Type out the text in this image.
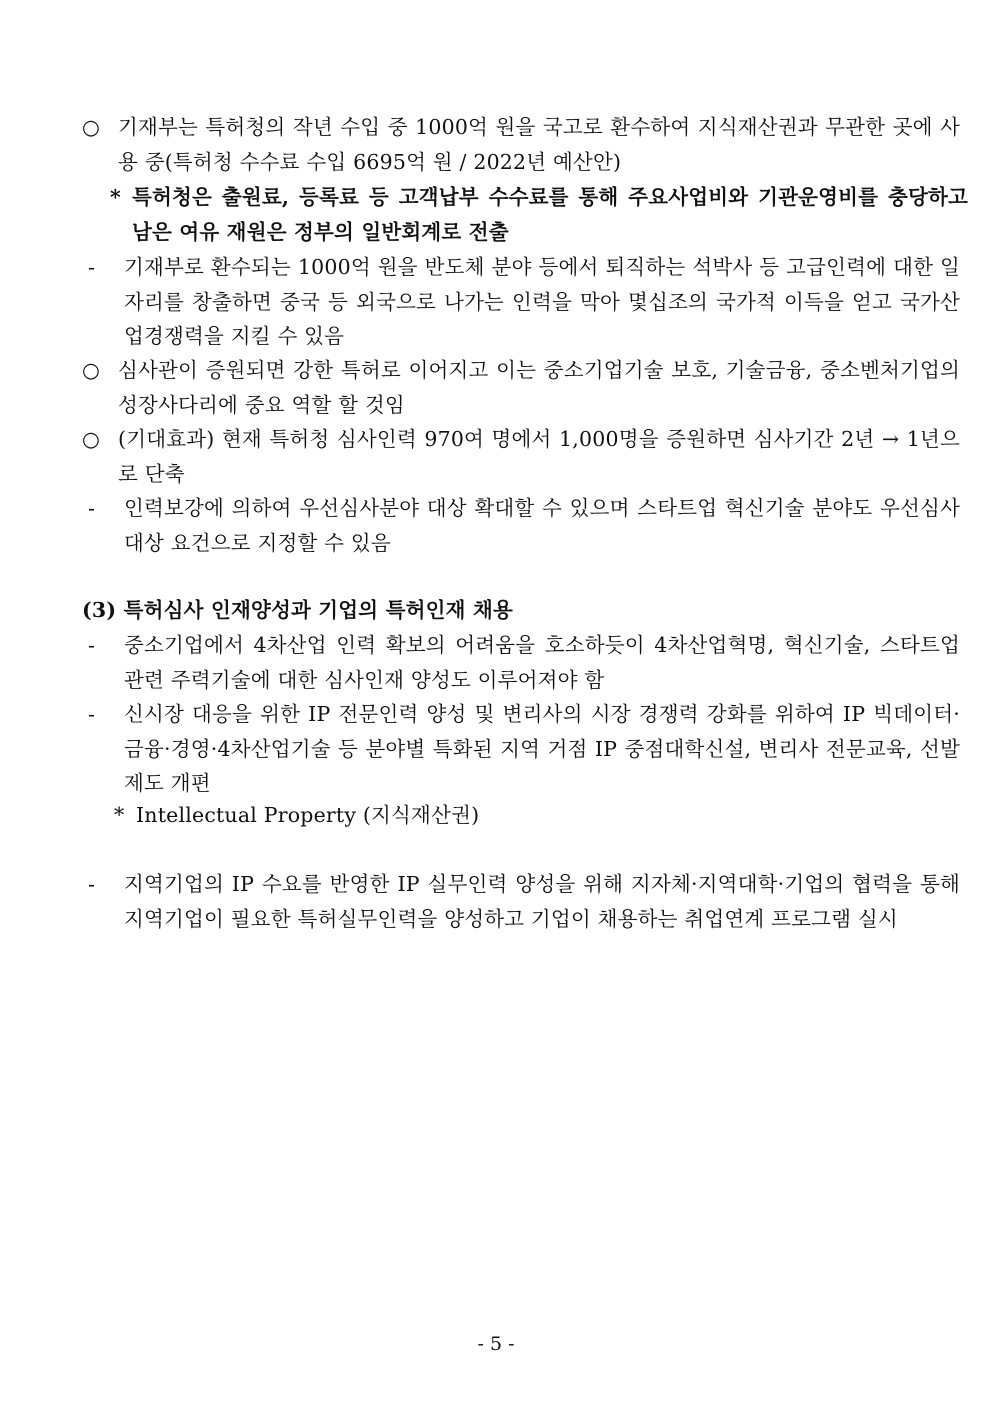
○ 기재부는 특허청의 작년 수입 중 1000억 원을 국고로 환수하여 지식재산권과 무관한 곳에 사용 중(특허청 수수료 수입 6695억 원 / 2022년 예산안)
* 특허청은 출원료, 등록료 등 고객납부 수수료를 통해 주요사업비와 기관운영비를 충당하고 남은 여유 재원은 정부의 일반회계로 전출
- 기재부로 환수되는 1000억 원을 반도체 분야 등에서 퇴직하는 석박사 등 고급인력에 대한 일자리를 창출하면 중국 등 외국으로 나가는 인력을 막아 몇십조의 국가적 이득을 얻고 국가산업경쟁력을 지킬 수 있음
○ 심사관이 증원되면 강한 특허로 이어지고 이는 중소기업기술 보호, 기술금융, 중소벤처기업의 성장사다리에 중요 역할 할 것임
○ (기대효과) 현재 특허청 심사인력 970여 명에서 1,000명을 증원하면 심사기간 2년 → 1년으로 단축
- 인력보강에 의하여 우선심사분야 대상 확대할 수 있으며 스타트업 혁신기술 분야도 우선심사 대상 요건으로 지정할 수 있음
(3) 특허심사 인재양성과 기업의 특허인재 채용
- 중소기업에서 4차산업 인력 확보의 어려움을 호소하듯이 4차산업혁명, 혁신기술, 스타트업 관련 주력기술에 대한 심사인재 양성도 이루어져야 함
- 신시장 대응을 위한 IP 전문인력 양성 및 변리사의 시장 경쟁력 강화를 위하여 IP 빅데이터·금융·경영·4차산업기술 등 분야별 특화된 지역 거점 IP 중점대학신설, 변리사 전문교육, 선발제도 개편
* Intellectual Property (지식재산권)
- 지역기업의 IP 수요를 반영한 IP 실무인력 양성을 위해 지자체·지역대학·기업의 협력을 통해 지역기업이 필요한 특허실무인력을 양성하고 기업이 채용하는 취업연계 프로그램 실시
- 5 -
